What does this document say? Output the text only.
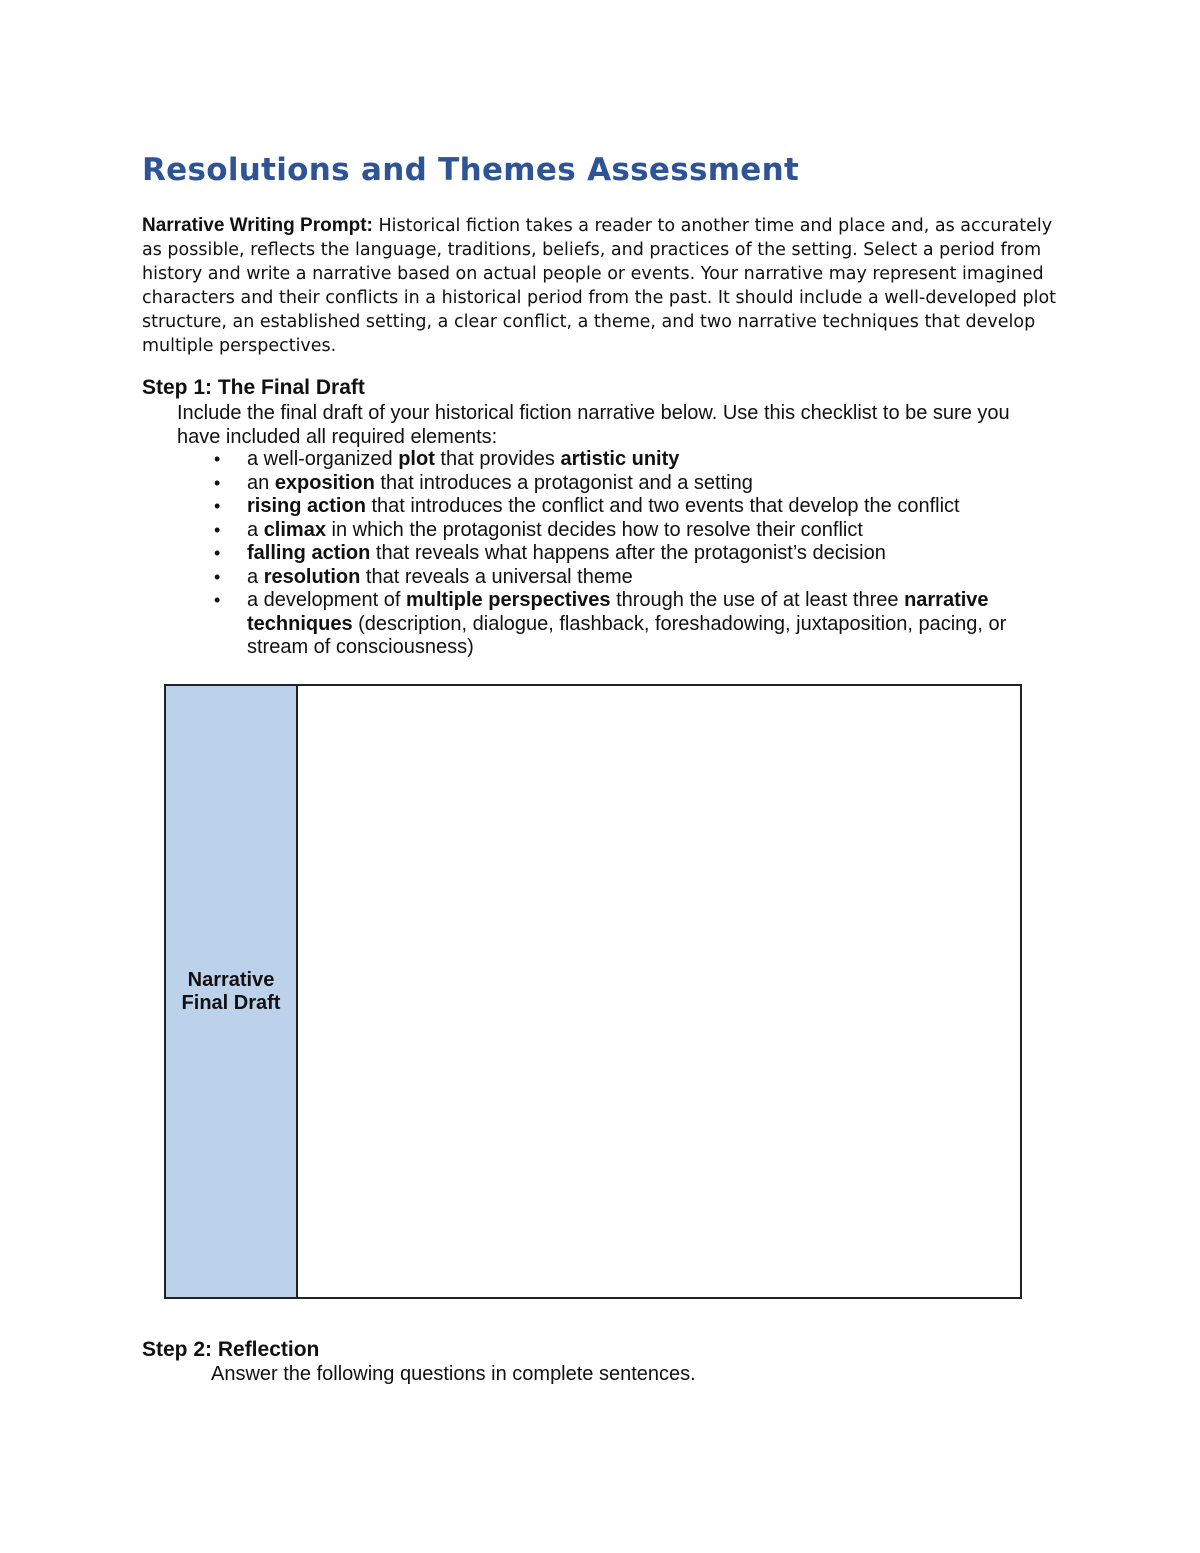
Resolutions and Themes Assessment

Narrative Writing Prompt: Historical fiction takes a reader to another time and place and, as accurately as possible, reflects the language, traditions, beliefs, and practices of the setting. Select a period from history and write a narrative based on actual people or events. Your narrative may represent imagined characters and their conflicts in a historical period from the past. It should include a well-developed plot structure, an established setting, a clear conflict, a theme, and two narrative techniques that develop multiple perspectives.

Step 1: The Final Draft

Include the final draft of your historical fiction narrative below. Use this checklist to be sure you have included all required elements:

• a well-organized plot that provides artistic unity
• an exposition that introduces a protagonist and a setting
• rising action that introduces the conflict and two events that develop the conflict
• a climax in which the protagonist decides how to resolve their conflict
• falling action that reveals what happens after the protagonist’s decision
• a resolution that reveals a universal theme
• a development of multiple perspectives through the use of at least three narrative techniques (description, dialogue, flashback, foreshadowing, juxtaposition, pacing, or stream of consciousness)
Narrative
Final Draft
Step 2: Reflection

Answer the following questions in complete sentences.
